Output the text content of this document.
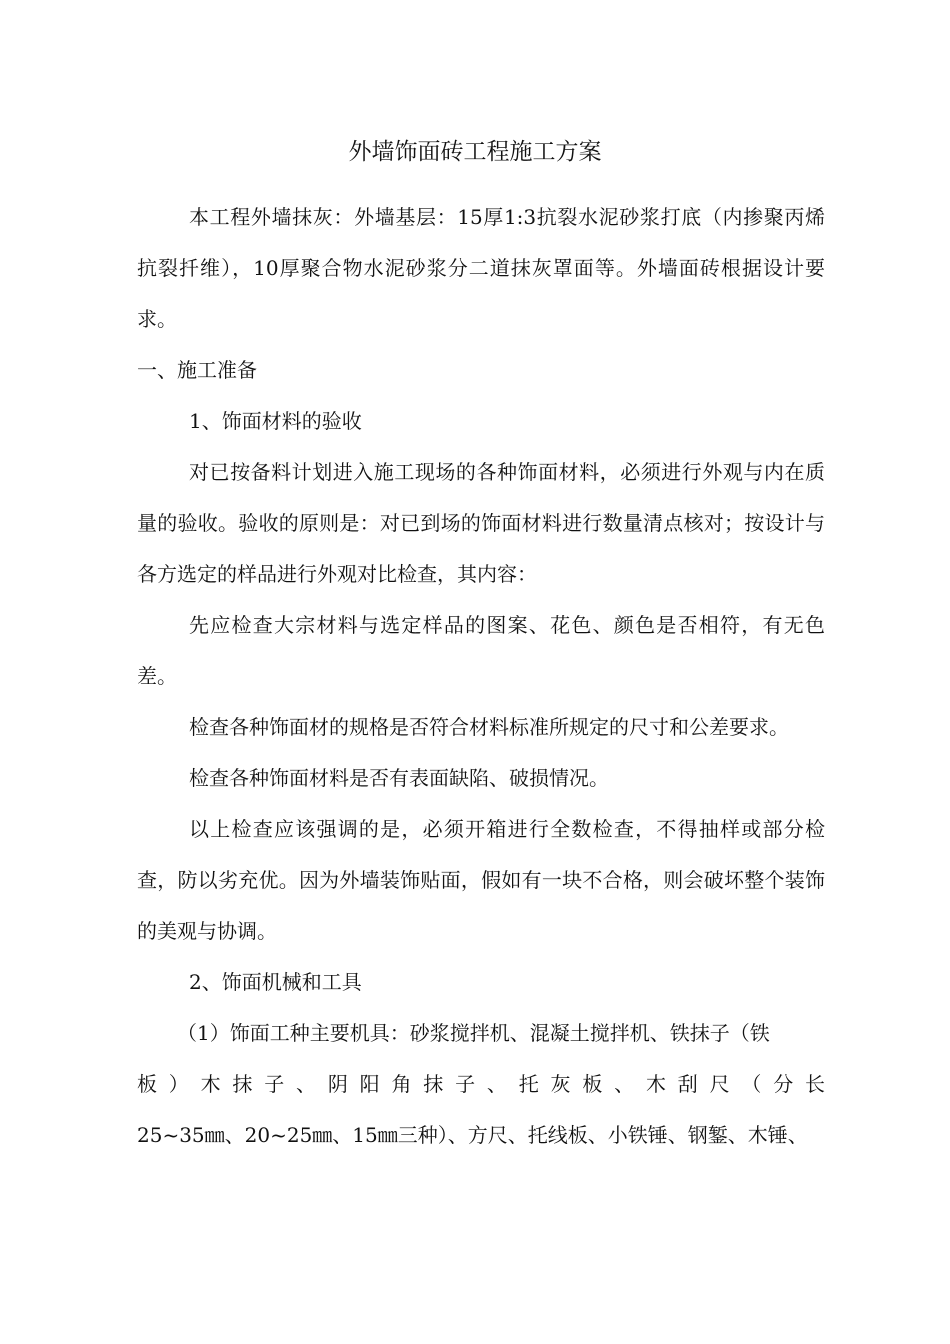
外墙饰面砖工程施工方案

本工程外墙抹灰：外墙基层：15厚1:3抗裂水泥砂浆打底（内掺聚丙烯抗裂扦维），10厚聚合物水泥砂浆分二道抹灰罩面等。外墙面砖根据设计要求。

一、施工准备

1、饰面材料的验收

对已按备料计划进入施工现场的各种饰面材料，必须进行外观与内在质量的验收。验收的原则是：对已到场的饰面材料进行数量清点核对；按设计与各方选定的样品进行外观对比检查，其内容：

先应检查大宗材料与选定样品的图案、花色、颜色是否相符，有无色差。

检查各种饰面材的规格是否符合材料标准所规定的尺寸和公差要求。

检查各种饰面材料是否有表面缺陷、破损情况。

以上检查应该强调的是，必须开箱进行全数检查，不得抽样或部分检查，防以劣充优。因为外墙装饰贴面，假如有一块不合格，则会破坏整个装饰的美观与协调。

2、饰面机械和工具

（1）饰面工种主要机具：砂浆搅拌机、混凝土搅拌机、铁抹子（铁

板）木抹子、阴阳角抹子、托灰板、木刮尺（分长

25~35㎜、20~25㎜、15㎜三种）、方尺、托线板、小铁锤、钢錾、木锤、
